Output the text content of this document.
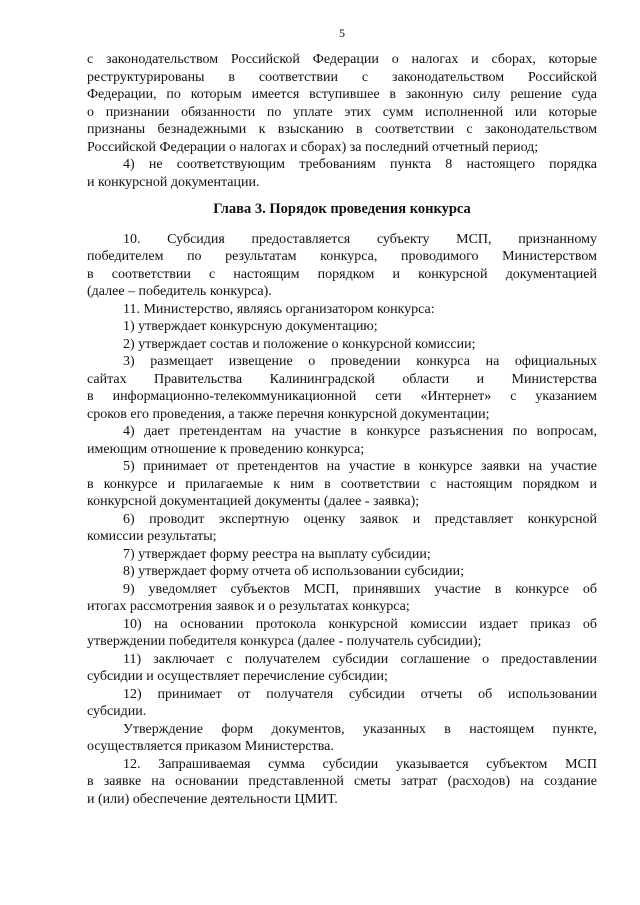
5
с законодательством Российской Федерации о налогах и сборах, которые
реструктурированы в соответствии с законодательством Российской
Федерации, по которым имеется вступившее в законную силу решение суда
о признании обязанности по уплате этих сумм исполненной или которые
признаны безнадежными к взысканию в соответствии с законодательством
Российской Федерации о налогах и сборах) за последний отчетный период;
4) не соответствующим требованиям пункта 8 настоящего порядка
и конкурсной документации.
Глава 3. Порядок проведения конкурса
10. Субсидия предоставляется субъекту МСП, признанному
победителем по результатам конкурса, проводимого Министерством
в соответствии с настоящим порядком и конкурсной документацией
(далее – победитель конкурса).
11. Министерство, являясь организатором конкурса:
1) утверждает конкурсную документацию;
2) утверждает состав и положение о конкурсной комиссии;
3) размещает извещение о проведении конкурса на официальных
сайтах Правительства Калининградской области и Министерства
в информационно-телекоммуникационной сети «Интернет» с указанием
сроков его проведения, а также перечня конкурсной документации;
4) дает претендентам на участие в конкурсе разъяснения по вопросам,
имеющим отношение к проведению конкурса;
5) принимает от претендентов на участие в конкурсе заявки на участие
в конкурсе и прилагаемые к ним в соответствии с настоящим порядком и
конкурсной документацией документы (далее - заявка);
6) проводит экспертную оценку заявок и представляет конкурсной
комиссии результаты;
7) утверждает форму реестра на выплату субсидии;
8) утверждает форму отчета об использовании субсидии;
9) уведомляет субъектов МСП, принявших участие в конкурсе об
итогах рассмотрения заявок и о результатах конкурса;
10) на основании протокола конкурсной комиссии издает приказ об
утверждении победителя конкурса (далее - получатель субсидии);
11) заключает с получателем субсидии соглашение о предоставлении
субсидии и осуществляет перечисление субсидии;
12) принимает от получателя субсидии отчеты об использовании
субсидии.
Утверждение форм документов, указанных в настоящем пункте,
осуществляется приказом Министерства.
12. Запрашиваемая сумма субсидии указывается субъектом МСП
в заявке на основании представленной сметы затрат (расходов) на создание
и (или) обеспечение деятельности ЦМИТ.
